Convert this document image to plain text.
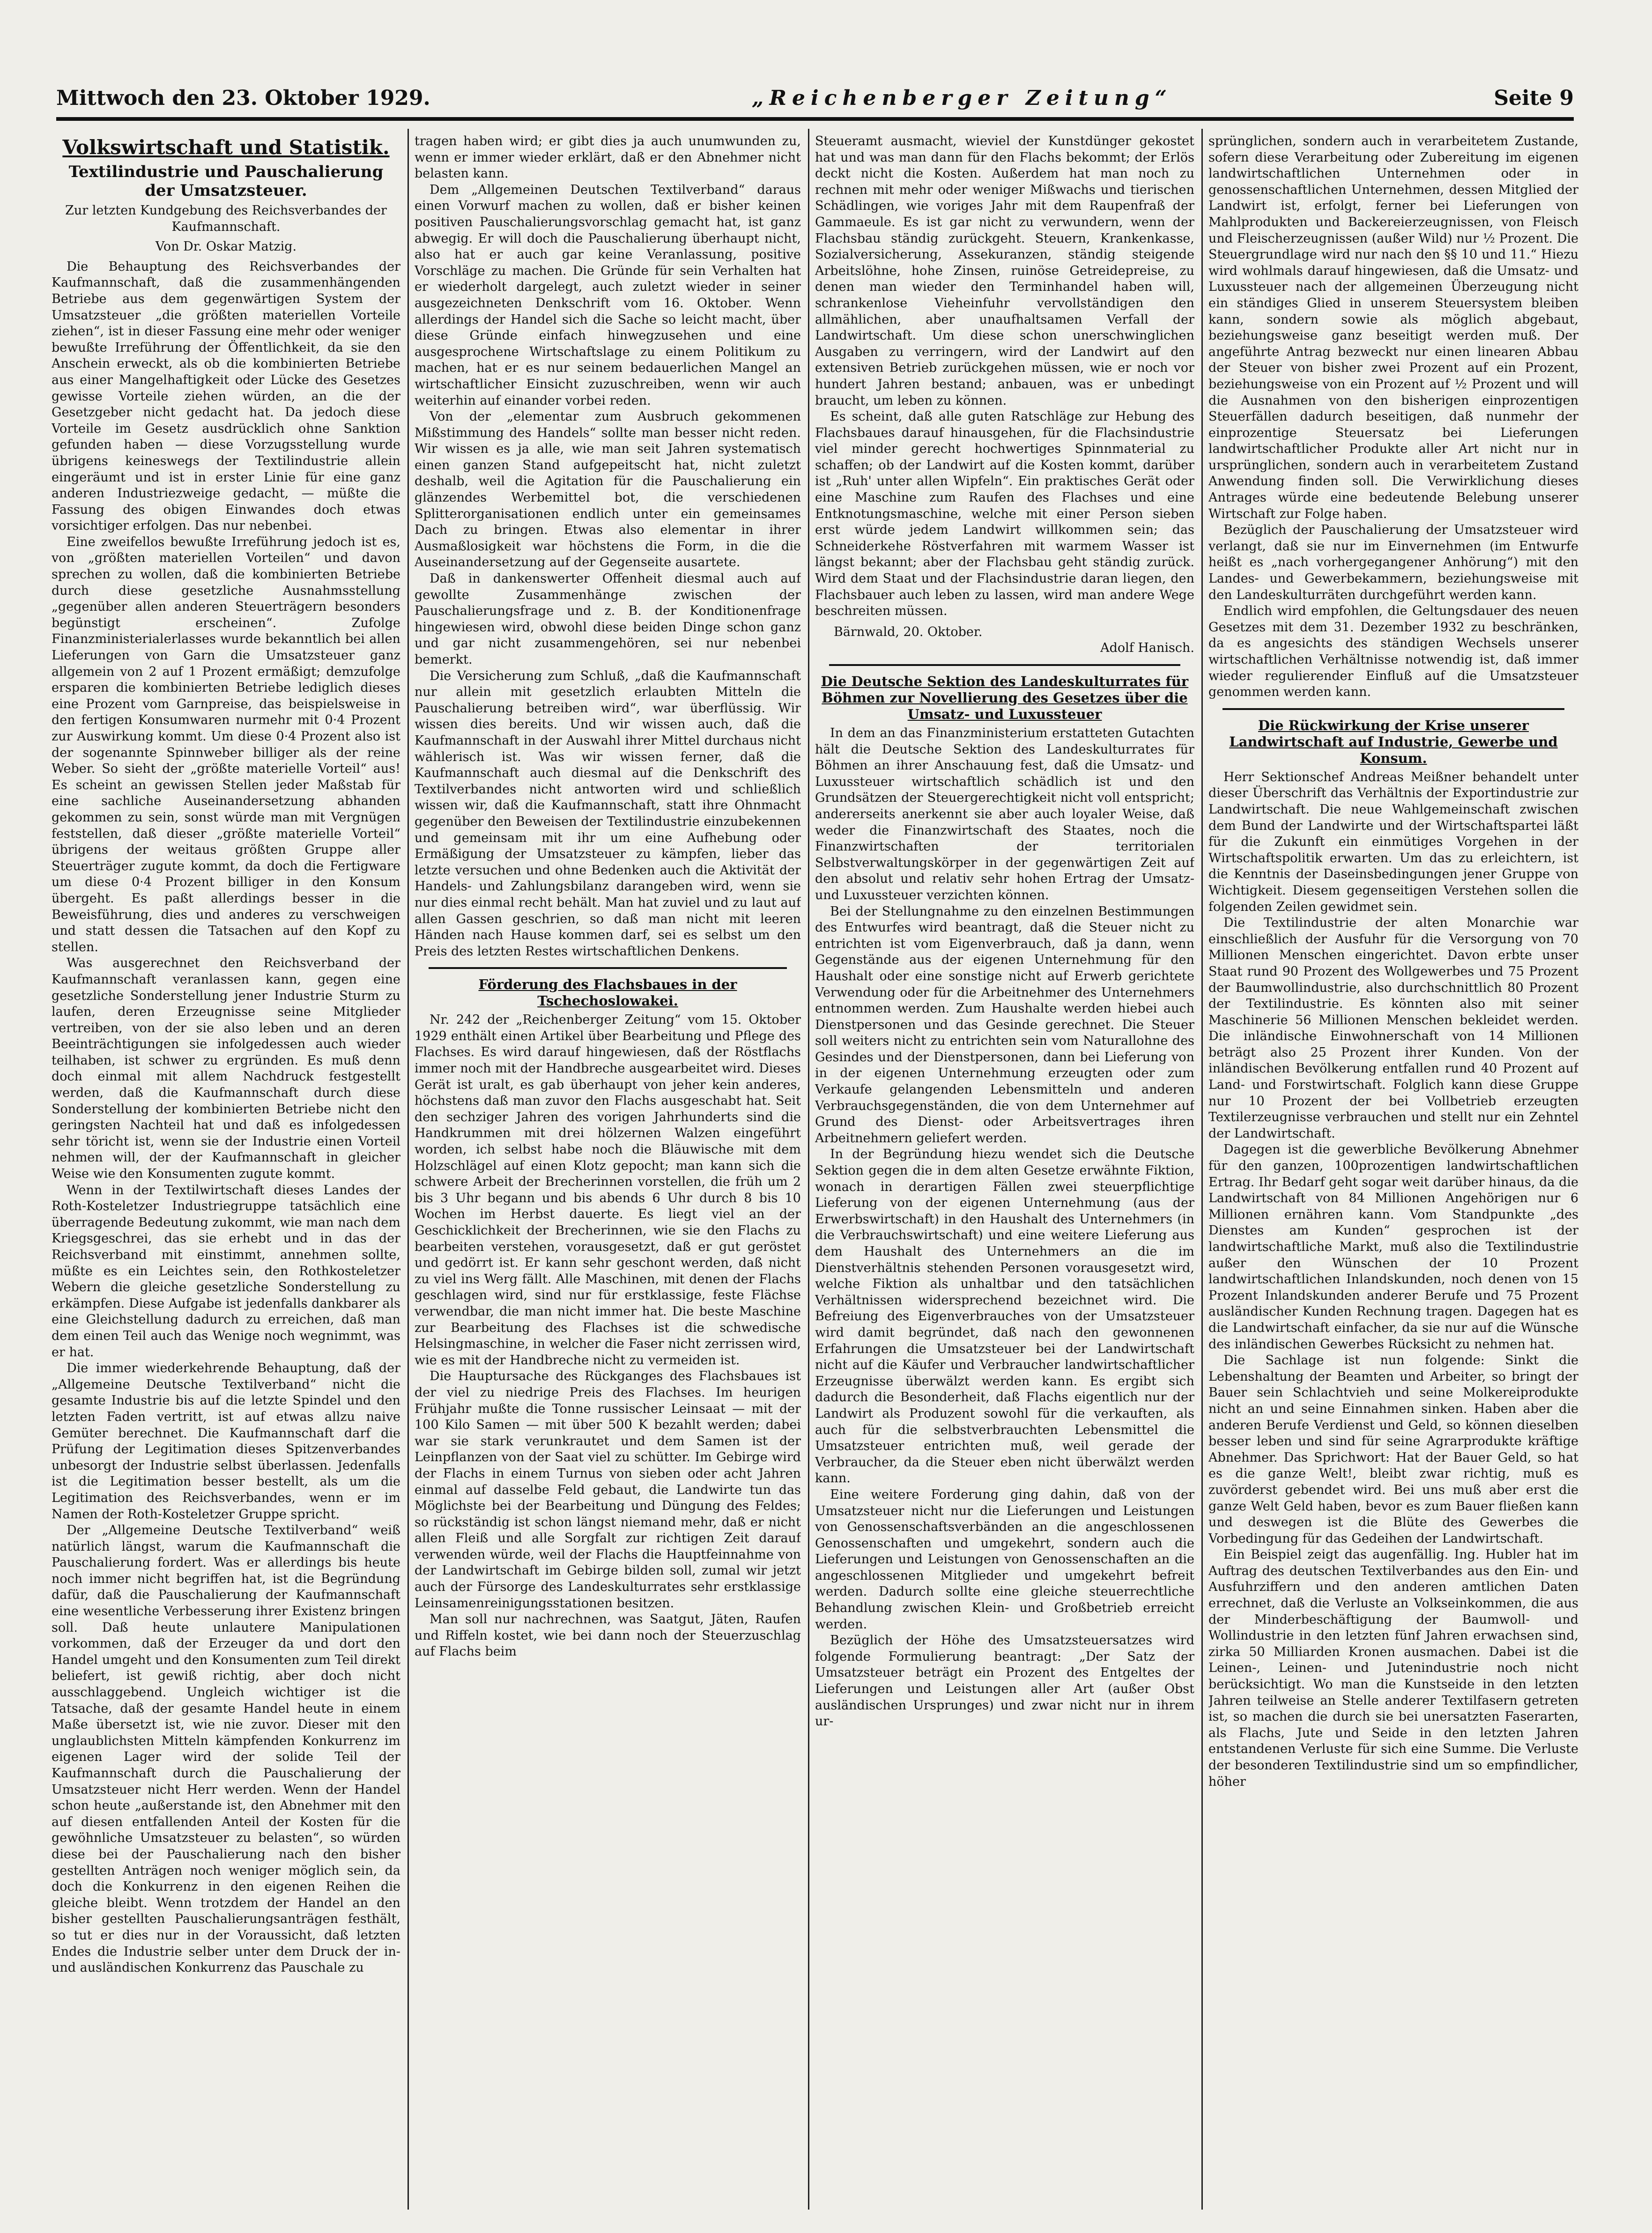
Mittwoch den 23. Oktober 1929.	„Reichenberger Zeitung“	Seite 9
Volkswirtschaft und Statistik.
Textilindustrie und Pauschalierung der Umsatzsteuer.

Zur letzten Kundgebung des Reichsverbandes der Kaufmannschaft.

Von Dr. Oskar Matzig.

Die Behauptung des Reichsverbandes der Kaufmannschaft, daß die zusammenhängenden Betriebe aus dem gegenwärtigen System der Umsatzsteuer „die größten materiellen Vorteile ziehen“, ist in dieser Fassung eine mehr oder weniger bewußte Irreführung der Öffentlichkeit, da sie den Anschein erweckt, als ob die kombinierten Betriebe aus einer Mangelhaftigkeit oder Lücke des Gesetzes gewisse Vorteile ziehen würden, an die der Gesetzgeber nicht gedacht hat. Da jedoch diese Vorteile im Gesetz ausdrücklich ohne Sanktion gefunden haben — diese Vorzugsstellung wurde übrigens keineswegs der Textilindustrie allein eingeräumt und ist in erster Linie für eine ganz anderen Industriezweige gedacht, — müßte die Fassung des obigen Einwandes doch etwas vorsichtiger erfolgen. Das nur nebenbei.

Eine zweifellos bewußte Irreführung jedoch ist es, von „größten materiellen Vorteilen“ und davon sprechen zu wollen, daß die kombinierten Betriebe durch diese gesetzliche Ausnahmsstellung „gegenüber allen anderen Steuerträgern besonders begünstigt erscheinen“. Zufolge Finanzministerialerlasses wurde bekanntlich bei allen Lieferungen von Garn die Umsatzsteuer ganz allgemein von 2 auf 1 Prozent ermäßigt; demzufolge ersparen die kombinierten Betriebe lediglich dieses eine Prozent vom Garnpreise, das beispielsweise in den fertigen Konsumwaren nurmehr mit 0·4 Prozent zur Auswirkung kommt. Um diese 0·4 Prozent also ist der sogenannte Spinnweber billiger als der reine Weber. So sieht der „größte materielle Vorteil“ aus! Es scheint an gewissen Stellen jeder Maßstab für eine sachliche Auseinandersetzung abhanden gekommen zu sein, sonst würde man mit Vergnügen feststellen, daß dieser „größte materielle Vorteil“ übrigens der weitaus größten Gruppe aller Steuerträger zugute kommt, da doch die Fertigware um diese 0·4 Prozent billiger in den Konsum übergeht. Es paßt allerdings besser in die Beweisführung, dies und anderes zu verschweigen und statt dessen die Tatsachen auf den Kopf zu stellen.

Was ausgerechnet den Reichsverband der Kaufmannschaft veranlassen kann, gegen eine gesetzliche Sonderstellung jener Industrie Sturm zu laufen, deren Erzeugnisse seine Mitglieder vertreiben, von der sie also leben und an deren Beeinträchtigungen sie infolgedessen auch wieder teilhaben, ist schwer zu ergründen. Es muß denn doch einmal mit allem Nachdruck festgestellt werden, daß die Kaufmannschaft durch diese Sonderstellung der kombinierten Betriebe nicht den geringsten Nachteil hat und daß es infolgedessen sehr töricht ist, wenn sie der Industrie einen Vorteil nehmen will, der der Kaufmannschaft in gleicher Weise wie den Konsumenten zugute kommt.

Wenn in der Textilwirtschaft dieses Landes der Roth-Kosteletzer Industriegruppe tatsächlich eine überragende Bedeutung zukommt, wie man nach dem Kriegsgeschrei, das sie erhebt und in das der Reichsverband mit einstimmt, annehmen sollte, müßte es ein Leichtes sein, den Rothkosteletzer Webern die gleiche gesetzliche Sonderstellung zu erkämpfen. Diese Aufgabe ist jedenfalls dankbarer als eine Gleichstellung dadurch zu erreichen, daß man dem einen Teil auch das Wenige noch wegnimmt, was er hat.

Die immer wiederkehrende Behauptung, daß der „Allgemeine Deutsche Textilverband“ nicht die gesamte Industrie bis auf die letzte Spindel und den letzten Faden vertritt, ist auf etwas allzu naive Gemüter berechnet. Die Kaufmannschaft darf die Prüfung der Legitimation dieses Spitzenverbandes unbesorgt der Industrie selbst überlassen. Jedenfalls ist die Legitimation besser bestellt, als um die Legitimation des Reichsverbandes, wenn er im Namen der Roth-Kosteletzer Gruppe spricht.

Der „Allgemeine Deutsche Textilverband“ weiß natürlich längst, warum die Kaufmannschaft die Pauschalierung fordert. Was er allerdings bis heute noch immer nicht begriffen hat, ist die Begründung dafür, daß die Pauschalierung der Kaufmannschaft eine wesentliche Verbesserung ihrer Existenz bringen soll. Daß heute unlautere Manipulationen vorkommen, daß der Erzeuger da und dort den Handel umgeht und den Konsumenten zum Teil direkt beliefert, ist gewiß richtig, aber doch nicht ausschlaggebend. Ungleich wichtiger ist die Tatsache, daß der gesamte Handel heute in einem Maße übersetzt ist, wie nie zuvor. Dieser mit den unglaublichsten Mitteln kämpfenden Konkurrenz im eigenen Lager wird der solide Teil der Kaufmannschaft durch die Pauschalierung der Umsatzsteuer nicht Herr werden. Wenn der Handel schon heute „außerstande ist, den Abnehmer mit den auf diesen entfallenden Anteil der Kosten für die gewöhnliche Umsatzsteuer zu belasten“, so würden diese bei der Pauschalierung nach den bisher gestellten Anträgen noch weniger möglich sein, da doch die Konkurrenz in den eigenen Reihen die gleiche bleibt. Wenn trotzdem der Handel an den bisher gestellten Pauschalierungsanträgen festhält, so tut er dies nur in der Voraussicht, daß letzten Endes die Industrie selber unter dem Druck der in- und ausländischen Konkurrenz das Pauschale zu

tragen haben wird; er gibt dies ja auch unumwunden zu, wenn er immer wieder erklärt, daß er den Abnehmer nicht belasten kann.

Dem „Allgemeinen Deutschen Textilverband“ daraus einen Vorwurf machen zu wollen, daß er bisher keinen positiven Pauschalierungsvorschlag gemacht hat, ist ganz abwegig. Er will doch die Pauschalierung überhaupt nicht, also hat er auch gar keine Veranlassung, positive Vorschläge zu machen. Die Gründe für sein Verhalten hat er wiederholt dargelegt, auch zuletzt wieder in seiner ausgezeichneten Denkschrift vom 16. Oktober. Wenn allerdings der Handel sich die Sache so leicht macht, über diese Gründe einfach hinwegzusehen und eine ausgesprochene Wirtschaftslage zu einem Politikum zu machen, hat er es nur seinem bedauerlichen Mangel an wirtschaftlicher Einsicht zuzuschreiben, wenn wir auch weiterhin auf einander vorbei reden.

Von der „elementar zum Ausbruch gekommenen Mißstimmung des Handels“ sollte man besser nicht reden. Wir wissen es ja alle, wie man seit Jahren systematisch einen ganzen Stand aufgepeitscht hat, nicht zuletzt deshalb, weil die Agitation für die Pauschalierung ein glänzendes Werbemittel bot, die verschiedenen Splitterorganisationen endlich unter ein gemeinsames Dach zu bringen. Etwas also elementar in ihrer Ausmaßlosigkeit war höchstens die Form, in die die Auseinandersetzung auf der Gegenseite ausartete.

Daß in dankenswerter Offenheit diesmal auch auf gewollte Zusammenhänge zwischen der Pauschalierungsfrage und z. B. der Konditionenfrage hingewiesen wird, obwohl diese beiden Dinge schon ganz und gar nicht zusammengehören, sei nur nebenbei bemerkt.

Die Versicherung zum Schluß, „daß die Kaufmannschaft nur allein mit gesetzlich erlaubten Mitteln die Pauschalierung betreiben wird“, war überflüssig. Wir wissen dies bereits. Und wir wissen auch, daß die Kaufmannschaft in der Auswahl ihrer Mittel durchaus nicht wählerisch ist. Was wir wissen ferner, daß die Kaufmannschaft auch diesmal auf die Denkschrift des Textilverbandes nicht antworten wird und schließlich wissen wir, daß die Kaufmannschaft, statt ihre Ohnmacht gegenüber den Beweisen der Textilindustrie einzubekennen und gemeinsam mit ihr um eine Aufhebung oder Ermäßigung der Umsatzsteuer zu kämpfen, lieber das letzte versuchen und ohne Bedenken auch die Aktivität der Handels- und Zahlungsbilanz darangeben wird, wenn sie nur dies einmal recht behält. Man hat zuviel und zu laut auf allen Gassen geschrien, so daß man nicht mit leeren Händen nach Hause kommen darf, sei es selbst um den Preis des letzten Restes wirtschaftlichen Denkens.

Förderung des Flachsbaues in der Tschechoslowakei.

Nr. 242 der „Reichenberger Zeitung“ vom 15. Oktober 1929 enthält einen Artikel über Bearbeitung und Pflege des Flachses. Es wird darauf hingewiesen, daß der Röstflachs immer noch mit der Handbreche ausgearbeitet wird. Dieses Gerät ist uralt, es gab überhaupt von jeher kein anderes, höchstens daß man zuvor den Flachs ausgeschabt hat. Seit den sechziger Jahren des vorigen Jahrhunderts sind die Handkrummen mit drei hölzernen Walzen eingeführt worden, ich selbst habe noch die Bläuwische mit dem Holzschlägel auf einen Klotz gepocht; man kann sich die schwere Arbeit der Brecherinnen vorstellen, die früh um 2 bis 3 Uhr begann und bis abends 6 Uhr durch 8 bis 10 Wochen im Herbst dauerte. Es liegt viel an der Geschicklichkeit der Brecherinnen, wie sie den Flachs zu bearbeiten verstehen, vorausgesetzt, daß er gut geröstet und gedörrt ist. Er kann sehr geschont werden, daß nicht zu viel ins Werg fällt. Alle Maschinen, mit denen der Flachs geschlagen wird, sind nur für erstklassige, feste Flächse verwendbar, die man nicht immer hat. Die beste Maschine zur Bearbeitung des Flachses ist die schwedische Helsingmaschine, in welcher die Faser nicht zerrissen wird, wie es mit der Handbreche nicht zu vermeiden ist.

Die Hauptursache des Rückganges des Flachsbaues ist der viel zu niedrige Preis des Flachses. Im heurigen Frühjahr mußte die Tonne russischer Leinsaat — mit der 100 Kilo Samen — mit über 500 K bezahlt werden; dabei war sie stark verunkrautet und dem Samen ist der Leinpflanzen von der Saat viel zu schütter. Im Gebirge wird der Flachs in einem Turnus von sieben oder acht Jahren einmal auf dasselbe Feld gebaut, die Landwirte tun das Möglichste bei der Bearbeitung und Düngung des Feldes; so rückständig ist schon längst niemand mehr, daß er nicht allen Fleiß und alle Sorgfalt zur richtigen Zeit darauf verwenden würde, weil der Flachs die Hauptfeinnahme von der Landwirtschaft im Gebirge bilden soll, zumal wir jetzt auch der Fürsorge des Landeskulturrates sehr erstklassige Leinsamenreinigungsstationen besitzen.

Man soll nur nachrechnen, was Saatgut, Jäten, Raufen und Riffeln kostet, wie bei dann noch der Steuerzuschlag auf Flachs beim

Steueramt ausmacht, wieviel der Kunstdünger gekostet hat und was man dann für den Flachs bekommt; der Erlös deckt nicht die Kosten. Außerdem hat man noch zu rechnen mit mehr oder weniger Mißwachs und tierischen Schädlingen, wie voriges Jahr mit dem Raupenfraß der Gammaeule. Es ist gar nicht zu verwundern, wenn der Flachsbau ständig zurückgeht. Steuern, Krankenkasse, Sozialversicherung, Assekuranzen, ständig steigende Arbeitslöhne, hohe Zinsen, ruinöse Getreidepreise, zu denen man wieder den Terminhandel haben will, schrankenlose Vieheinfuhr vervollständigen den allmählichen, aber unaufhaltsamen Verfall der Landwirtschaft. Um diese schon unerschwinglichen Ausgaben zu verringern, wird der Landwirt auf den extensiven Betrieb zurückgehen müssen, wie er noch vor hundert Jahren bestand; anbauen, was er unbedingt braucht, um leben zu können.

Es scheint, daß alle guten Ratschläge zur Hebung des Flachsbaues darauf hinausgehen, für die Flachsindustrie viel minder gerecht hochwertiges Spinnmaterial zu schaffen; ob der Landwirt auf die Kosten kommt, darüber ist „Ruh' unter allen Wipfeln“. Ein praktisches Gerät oder eine Maschine zum Raufen des Flachses und eine Entknotungsmaschine, welche mit einer Person sieben erst würde jedem Landwirt willkommen sein; das Schneiderkehe Röstverfahren mit warmem Wasser ist längst bekannt; aber der Flachsbau geht ständig zurück. Wird dem Staat und der Flachsindustrie daran liegen, den Flachsbauer auch leben zu lassen, wird man andere Wege beschreiten müssen.

Bärnwald, 20. Oktober.

Adolf Hanisch.

Die Deutsche Sektion des Landeskulturrates für Böhmen zur Novellierung des Gesetzes über die Umsatz- und Luxussteuer

In dem an das Finanzministerium erstatteten Gutachten hält die Deutsche Sektion des Landeskulturrates für Böhmen an ihrer Anschauung fest, daß die Umsatz- und Luxussteuer wirtschaftlich schädlich ist und den Grundsätzen der Steuergerechtigkeit nicht voll entspricht; andererseits anerkennt sie aber auch loyaler Weise, daß weder die Finanzwirtschaft des Staates, noch die Finanzwirtschaften der territorialen Selbstverwaltungskörper in der gegenwärtigen Zeit auf den absolut und relativ sehr hohen Ertrag der Umsatz- und Luxussteuer verzichten können.

Bei der Stellungnahme zu den einzelnen Bestimmungen des Entwurfes wird beantragt, daß die Steuer nicht zu entrichten ist vom Eigenverbrauch, daß ja dann, wenn Gegenstände aus der eigenen Unternehmung für den Haushalt oder eine sonstige nicht auf Erwerb gerichtete Verwendung oder für die Arbeitnehmer des Unternehmers entnommen werden. Zum Haushalte werden hiebei auch Dienstpersonen und das Gesinde gerechnet. Die Steuer soll weiters nicht zu entrichten sein vom Naturallohne des Gesindes und der Dienstpersonen, dann bei Lieferung von in der eigenen Unternehmung erzeugten oder zum Verkaufe gelangenden Lebensmitteln und anderen Verbrauchsgegenständen, die von dem Unternehmer auf Grund des Dienst- oder Arbeitsvertrages ihren Arbeitnehmern geliefert werden.

In der Begründung hiezu wendet sich die Deutsche Sektion gegen die in dem alten Gesetze erwähnte Fiktion, wonach in derartigen Fällen zwei steuerpflichtige Lieferung von der eigenen Unternehmung (aus der Erwerbswirtschaft) in den Haushalt des Unternehmers (in die Verbrauchswirtschaft) und eine weitere Lieferung aus dem Haushalt des Unternehmers an die im Dienstverhältnis stehenden Personen vorausgesetzt wird, welche Fiktion als unhaltbar und den tatsächlichen Verhältnissen widersprechend bezeichnet wird. Die Befreiung des Eigenverbrauches von der Umsatzsteuer wird damit begründet, daß nach den gewonnenen Erfahrungen die Umsatzsteuer bei der Landwirtschaft nicht auf die Käufer und Verbraucher landwirtschaftlicher Erzeugnisse überwälzt werden kann. Es ergibt sich dadurch die Besonderheit, daß Flachs eigentlich nur der Landwirt als Produzent sowohl für die verkauften, als auch für die selbstverbrauchten Lebensmittel die Umsatzsteuer entrichten muß, weil gerade der Verbraucher, da die Steuer eben nicht überwälzt werden kann.

Eine weitere Forderung ging dahin, daß von der Umsatzsteuer nicht nur die Lieferungen und Leistungen von Genossenschaftsverbänden an die angeschlossenen Genossenschaften und umgekehrt, sondern auch die Lieferungen und Leistungen von Genossenschaften an die angeschlossenen Mitglieder und umgekehrt befreit werden. Dadurch sollte eine gleiche steuerrechtliche Behandlung zwischen Klein- und Großbetrieb erreicht werden.

Bezüglich der Höhe des Umsatzsteuersatzes wird folgende Formulierung beantragt: „Der Satz der Umsatzsteuer beträgt ein Prozent des Entgeltes der Lieferungen und Leistungen aller Art (außer Obst ausländischen Ursprunges) und zwar nicht nur in ihrem ur-

sprünglichen, sondern auch in verarbeitetem Zustande, sofern diese Verarbeitung oder Zubereitung im eigenen landwirtschaftlichen Unternehmen oder in genossenschaftlichen Unternehmen, dessen Mitglied der Landwirt ist, erfolgt, ferner bei Lieferungen von Mahlprodukten und Backereierzeugnissen, von Fleisch und Fleischerzeugnissen (außer Wild) nur ½ Prozent. Die Steuergrundlage wird nur nach den §§ 10 und 11.“ Hiezu wird wohlmals darauf hingewiesen, daß die Umsatz- und Luxussteuer nach der allgemeinen Überzeugung nicht ein ständiges Glied in unserem Steuersystem bleiben kann, sondern sowie als möglich abgebaut, beziehungsweise ganz beseitigt werden muß. Der angeführte Antrag bezweckt nur einen linearen Abbau der Steuer von bisher zwei Prozent auf ein Prozent, beziehungsweise von ein Prozent auf ½ Prozent und will die Ausnahmen von den bisherigen einprozentigen Steuerfällen dadurch beseitigen, daß nunmehr der einprozentige Steuersatz bei Lieferungen landwirtschaftlicher Produkte aller Art nicht nur in ursprünglichen, sondern auch in verarbeitetem Zustand Anwendung finden soll. Die Verwirklichung dieses Antrages würde eine bedeutende Belebung unserer Wirtschaft zur Folge haben.

Bezüglich der Pauschalierung der Umsatzsteuer wird verlangt, daß sie nur im Einvernehmen (im Entwurfe heißt es „nach vorhergegangener Anhörung“) mit den Landes- und Gewerbekammern, beziehungsweise mit den Landeskulturräten durchgeführt werden kann.

Endlich wird empfohlen, die Geltungsdauer des neuen Gesetzes mit dem 31. Dezember 1932 zu beschränken, da es angesichts des ständigen Wechsels unserer wirtschaftlichen Verhältnisse notwendig ist, daß immer wieder regulierender Einfluß auf die Umsatzsteuer genommen werden kann.

Die Rückwirkung der Krise unserer Landwirtschaft auf Industrie, Gewerbe und Konsum.

Herr Sektionschef Andreas Meißner behandelt unter dieser Überschrift das Verhältnis der Exportindustrie zur Landwirtschaft. Die neue Wahlgemeinschaft zwischen dem Bund der Landwirte und der Wirtschaftspartei läßt für die Zukunft ein einmütiges Vorgehen in der Wirtschaftspolitik erwarten. Um das zu erleichtern, ist die Kenntnis der Daseinsbedingungen jener Gruppe von Wichtigkeit. Diesem gegenseitigen Verstehen sollen die folgenden Zeilen gewidmet sein.

Die Textilindustrie der alten Monarchie war einschließlich der Ausfuhr für die Versorgung von 70 Millionen Menschen eingerichtet. Davon erbte unser Staat rund 90 Prozent des Wollgewerbes und 75 Prozent der Baumwollindustrie, also durchschnittlich 80 Prozent der Textilindustrie. Es könnten also mit seiner Maschinerie 56 Millionen Menschen bekleidet werden. Die inländische Einwohnerschaft von 14 Millionen beträgt also 25 Prozent ihrer Kunden. Von der inländischen Bevölkerung entfallen rund 40 Prozent auf Land- und Forstwirtschaft. Folglich kann diese Gruppe nur 10 Prozent der bei Vollbetrieb erzeugten Textilerzeugnisse verbrauchen und stellt nur ein Zehntel der Landwirtschaft.

Dagegen ist die gewerbliche Bevölkerung Abnehmer für den ganzen, 100prozentigen landwirtschaftlichen Ertrag. Ihr Bedarf geht sogar weit darüber hinaus, da die Landwirtschaft von 84 Millionen Angehörigen nur 6 Millionen ernähren kann. Vom Standpunkte „des Dienstes am Kunden“ gesprochen ist der landwirtschaftliche Markt, muß also die Textilindustrie außer den Wünschen der 10 Prozent landwirtschaftlichen Inlandskunden, noch denen von 15 Prozent Inlandskunden anderer Berufe und 75 Prozent ausländischer Kunden Rechnung tragen. Dagegen hat es die Landwirtschaft einfacher, da sie nur auf die Wünsche des inländischen Gewerbes Rücksicht zu nehmen hat.

Die Sachlage ist nun folgende: Sinkt die Lebenshaltung der Beamten und Arbeiter, so bringt der Bauer sein Schlachtvieh und seine Molkereiprodukte nicht an und seine Einnahmen sinken. Haben aber die anderen Berufe Verdienst und Geld, so können dieselben besser leben und sind für seine Agrarprodukte kräftige Abnehmer. Das Sprichwort: Hat der Bauer Geld, so hat es die ganze Welt!, bleibt zwar richtig, muß es zuvörderst gebendet wird. Bei uns muß aber erst die ganze Welt Geld haben, bevor es zum Bauer fließen kann und deswegen ist die Blüte des Gewerbes die Vorbedingung für das Gedeihen der Landwirtschaft.

Ein Beispiel zeigt das augenfällig. Ing. Hubler hat im Auftrag des deutschen Textilverbandes aus den Ein- und Ausfuhrziffern und den anderen amtlichen Daten errechnet, daß die Verluste an Volkseinkommen, die aus der Minderbeschäftigung der Baumwoll- und Wollindustrie in den letzten fünf Jahren erwachsen sind, zirka 50 Milliarden Kronen ausmachen. Dabei ist die Leinen-, Leinen- und Jutenindustrie noch nicht berücksichtigt. Wo man die Kunstseide in den letzten Jahren teilweise an Stelle anderer Textilfasern getreten ist, so machen die durch sie bei unersatzten Faserarten, als Flachs, Jute und Seide in den letzten Jahren entstandenen Verluste für sich eine Summe. Die Verluste der besonderen Textilindustrie sind um so empfindlicher, höher
